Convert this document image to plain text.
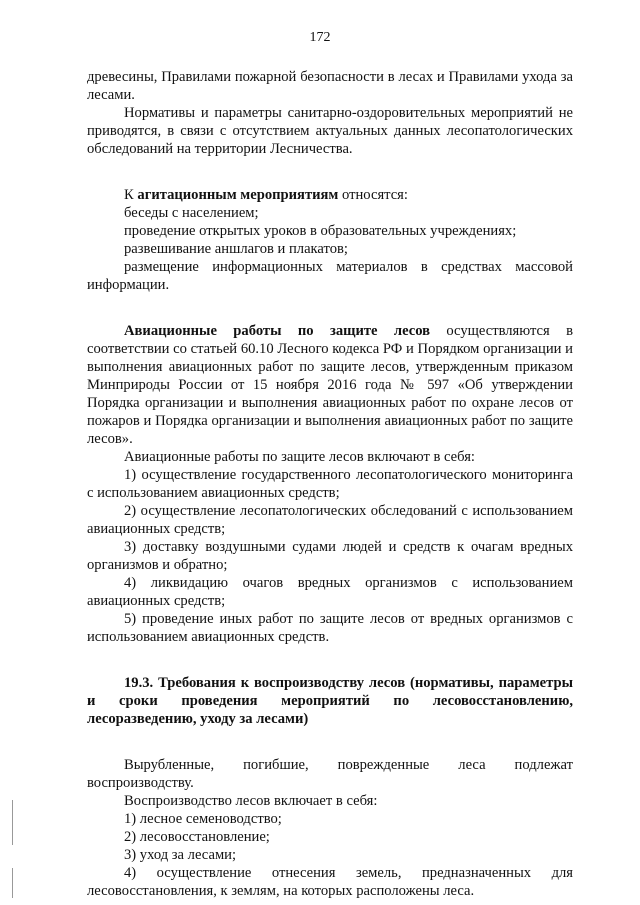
172

древесины, Правилами пожарной безопасности в лесах и Правилами ухода за лесами.

Нормативы и параметры санитарно-оздоровительных мероприятий не приводятся, в связи с отсутствием актуальных данных лесопатологических обследований на территории Лесничества.

К агитационным мероприятиям относятся:

беседы с населением;

проведение открытых уроков в образовательных учреждениях;

развешивание аншлагов и плакатов;

размещение информационных материалов в средствах массовой информации.

Авиационные работы по защите лесов осуществляются в соответствии со статьей 60.10 Лесного кодекса РФ и Порядком организации и выполнения авиационных работ по защите лесов, утвержденным приказом Минприроды России от 15 ноября 2016 года № 597 «Об утверждении Порядка организации и выполнения авиационных работ по охране лесов от пожаров и Порядка организации и выполнения авиационных работ по защите лесов».

Авиационные работы по защите лесов включают в себя:

1) осуществление государственного лесопатологического мониторинга с использованием авиационных средств;

2) осуществление лесопатологических обследований с использованием авиационных средств;

3) доставку воздушными судами людей и средств к очагам вредных организмов и обратно;

4) ликвидацию очагов вредных организмов с использованием авиационных средств;

5) проведение иных работ по защите лесов от вредных организмов с использованием авиационных средств.

19.3. Требования к воспроизводству лесов (нормативы, параметры и сроки проведения мероприятий по лесовосстановлению, лесоразведению, уходу за лесами)

Вырубленные, погибшие, поврежденные леса подлежат воспроизводству.

Воспроизводство лесов включает в себя:

1) лесное семеноводство;

2) лесовосстановление;

3) уход за лесами;

4) осуществление отнесения земель, предназначенных для лесовосстановления, к землям, на которых расположены леса.
